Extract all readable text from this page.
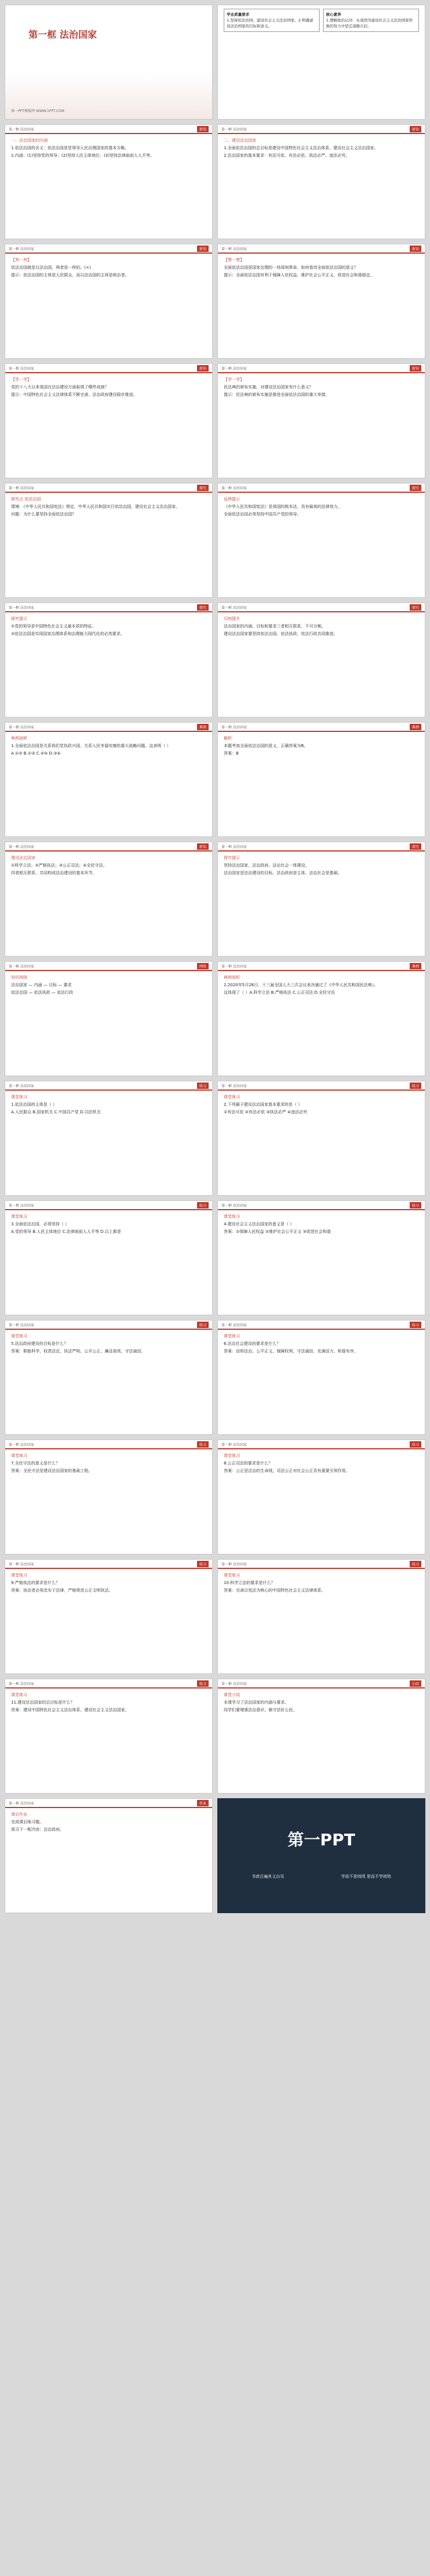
第一框 法治国家
第一PPT模板网 WWW.1PPT.COM
学业质量要求
1.坚持依法治国，建设社会主义法治国家。2.明确建设法治国家的目标和意义。
核心素养
1.理解政治认同：从我国为建设社会主义法治国家所做的努力中坚定道路自信。
第一框 法治国家	新知

一、法治国家的内涵

1.依法治国的含义：依法治国是党领导人民治理国家的基本方略。

2.内涵：(1)坚持党的领导；(2)坚持人民主体地位；(3)坚持法律面前人人平等。

第一框 法治国家	新知

二、建设法治国家

1.全面依法治国的总目标是建设中国特色社会主义法治体系，建设社会主义法治国家。

2.法治国家的基本要求：有法可依、有法必依、执法必严、违法必究。

第一框 法治国家	新知

【判一判】

依法治国就是以法治国，两者是一样的。(×)

提示：依法治国的主体是人民群众，而以法治国的主体是统治者。

第一框 法治国家	新知

【想一想】

全面依法治国是国家治理的一场深刻革命，如何看待全面依法治国的意义？

提示：全面依法治国有利于保障人民权益，维护社会公平正义，促进社会和谐稳定。

第一框 法治国家	新知

【学一学】

党的十八大以来我国在法治建设方面取得了哪些成就？

提示：中国特色社会主义法律体系不断完善，法治政府建设稳步推进。

第一框 法治国家	新知

【学一学】

民法典的颁布实施，对建设法治国家有什么意义？

提示：民法典的颁布实施是推进全面依法治国的重大举措。

第一框 法治国家	探究

探究点 依法治国

情境：《中华人民共和国宪法》规定，中华人民共和国实行依法治国，建设社会主义法治国家。

问题：为什么要坚持全面依法治国？

第一框 法治国家	探究

延伸提示

《中华人民共和国宪法》是我国的根本法，具有最高的法律效力。

全面依法治国必须坚持中国共产党的领导。

第一框 法治国家	探究

探究提示

①党的领导是中国特色社会主义最本质的特征。

②依法治国是实现国家治理体系和治理能力现代化的必然要求。

第一框 法治国家	探究

归纳提升

法治国家的内涵、目标和要求三者相互联系，不可分割。

建设法治国家要坚持依法治国、依法执政、依法行政共同推进。

第一框 法治国家	典例

典例剖析

1.全面依法治国是关系我们党执政兴国、关系人民幸福安康的重大战略问题。这表明（ ）

A.①② B.①③ C.②④ D.③④

第一框 法治国家	典例

解析

本题考查全面依法治国的意义，正确答案为B。

答案：B

第一框 法治国家	新知

建设法治国家

①科学立法；②严格执法；③公正司法；④全民守法。

四者相互联系，共同构成法治建设的基本环节。

第一框 法治国家	探究

探究提示

坚持法治国家、法治政府、法治社会一体建设。

法治国家是法治建设的目标，法治政府是主体，法治社会是基础。

第一框 法治国家	网络

知识网络

法治国家 — 内涵 — 目标 — 要求

依法治国 — 依法执政 — 依法行政

第一框 法治国家	典例

典例剖析

2.2020年5月28日，十三届全国人大三次会议表决通过了《中华人民共和国民法典》。

这体现了（ ）A.科学立法 B.严格执法 C.公正司法 D.全民守法

第一框 法治国家	练习

课堂练习

1.依法治国的主体是（ ）

A.人民群众 B.国家机关 C.中国共产党 D.司法机关

第一框 法治国家	练习

课堂练习

2.下列属于建设法治国家基本要求的是（ ）

①有法可依 ②有法必依 ③执法必严 ④违法必究

第一框 法治国家	练习

课堂练习

3.全面依法治国，必须坚持（ ）

A.党的领导 B.人民主体地位 C.法律面前人人平等 D.以上都是

第一框 法治国家	练习

课堂练习

4.建设社会主义法治国家的意义是（ ）

答案：①保障人民权益 ②维护社会公平正义 ③促进社会和谐

第一框 法治国家	练习

课堂练习

5.法治政府建设的目标是什么？

答案：职能科学、权责法定、执法严明、公开公正、廉洁高效、守法诚信。

第一框 法治国家	练习

课堂练习

6.法治社会建设的要求是什么？

答案：信仰法治、公平正义、保障权利、守法诚信、充满活力、和谐有序。

第一框 法治国家	练习

课堂练习

7.全民守法的意义是什么？

答案：全民守法是建设法治国家的基础工程。

第一框 法治国家	练习

课堂练习

8.公正司法的要求是什么？

答案：公正是法治的生命线，司法公正对社会公正具有重要引领作用。

第一框 法治国家	练习

课堂练习

9.严格执法的要求是什么？

答案：执法者必须忠实于法律，严格规范公正文明执法。

第一框 法治国家	练习

课堂练习

10.科学立法的要求是什么？

答案：完善以宪法为核心的中国特色社会主义法律体系。

第一框 法治国家	练习

课堂练习

11.建设法治国家的总目标是什么？

答案：建设中国特色社会主义法治体系，建设社会主义法治国家。

第一框 法治国家	小结

课堂小结

本课学习了法治国家的内涵与要求。

同学们要增强法治意识，做守法好公民。

第一框 法治国家	作业

课后作业

完成课后练习题。

预习下一框内容：法治政府。

第一PPT
书读百遍其义自见	学而不思则罔 思而不学则殆
